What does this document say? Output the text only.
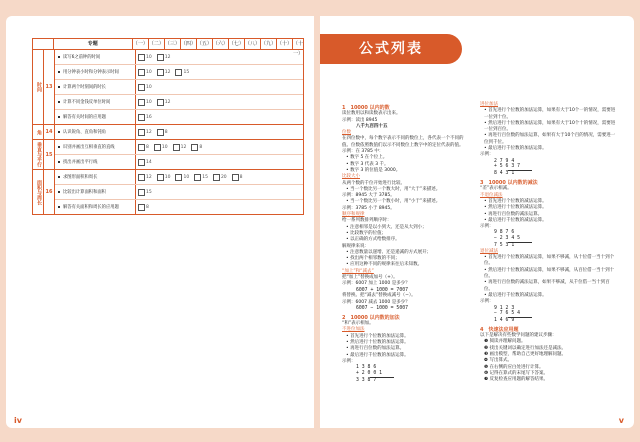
专题	（一） （二） （三） （四） （五） （六） （七） （八） （九） （十） （十一）
时间 13
读写6之前钟的时间	10	12
用分钟表小时和分钟表示时间	10	12	15
计算两个时刻间的时长	10
计算不同金钱反单位时间	10	12
解答有关时间的应用题	16
角 14	认识锐角、直角和钝角	12	8
垂直与平行 15
识别并画出互相垂直的直线	8	10	12	8
找出并画出平行线	14
面积与周长 16
求图形面积和周长	12	10	10	15	20	8
比较出计算面积和面积	15
解答有关面积和周长的应用题	8
iv
公式列表
1　10000 以内的数
读位数用以和读数表示出来。
示例：读出 8945
八千九百四十五
位数
在四位数中，每个数字表示不同的数位上，各代表一个不同的值。位数依照数值们以示不同数位上数字中的定位代表的值。
示例：在 3785 中：
• 数字 5 在个位上。
• 数字 3 代表 3 千。
• 数字 3 的位值是 3000。
比较大小
从两个数的千位开始进行比较。
• 当一个数比另一个数大时，用“大于”来描述。
示例：8945 大于 3785。
• 当一个数比另一个数小时，用“小于”来描述。
示例：3785 小于 8945。
顺序和规律
给一系列数排列顺序时：
• 注意相邻是以小到大、还是从大到小；
• 比较数字的位值；
• 以正确的方式给数排序。
解规律来说：
• 注意数量以递增、还是递减的方式展开；
• 找出两个相邻数的不同；
• 应用这种不同的规律来往后未知数。
“加上”和“减去”
把“加上”替换成加号（+）。
示例：6007 加上 1000 是多少？
6007 + 1000 = 7007
将替换。把“减去”替换成减号（−）。
示例：6007 减去 1000 是多少？
6007 − 1000 = 5007
2　10000 以内数的加法
“和”表示相加。
不进位加法
• 首先进行个位数的加法运算。
• 然后进行十位数的加法运算。
• 再进行百位数的加法运算。
• 最后进行千位数的加法运算。
示例：
1 3 8 6
+ 2 0 0 1
3 3 8 7
进位加法
• 首先进行个位数的加法运算，如果有大于10个一的情况，需要进一位到十位。
• 然后进行十位数的加法运算，如果有大于10个十的情况，需要进一位到百位。
• 再进行百位数的加法运算，如果有大于10个百的情况，需要进一位到千位。
• 最后进行千位数的加法运算。
示例：
2 7 9 4
+ 5 6 3 7
8 4 3 1
3　10000 以内数的减法
“差”表示相减。
不退位减法
• 首先进行个位数的减法运算。
• 然后进行十位数的减法运算。
• 再进行百位数的减法运算。
• 最后进行千位数的减法运算。
示例：
9 8 7 6
− 2 3 4 5
7 5 3 1
退位减法
• 首先进行个位数的减法运算，如果不够减，从十位借一当十到个位。
• 然后进行十位数的减法运算，如果不够减，从百位借一当十到十位。
• 再进行百位数的减法运算，如果不够减，从千位借一当十到百位。
• 最后进行千位数的减法运算。
示例：
9 1 2 3
− 7 6 5 4
1 4 6 9
4　快速法应用题
以下是解决有些数学问题的建议步骤：
❶ 阅读并理解问题。
❷ 找出关键词以确定进行加法还是减法。
❸ 画出模型，帮助自己更好地理解问题。
❹ 写出算式。
❺ 在右侧的应白处进行计算。
❻ 记得在算式的末尾写下答案。
❼ 反复检查应用题的解答结果。
v
